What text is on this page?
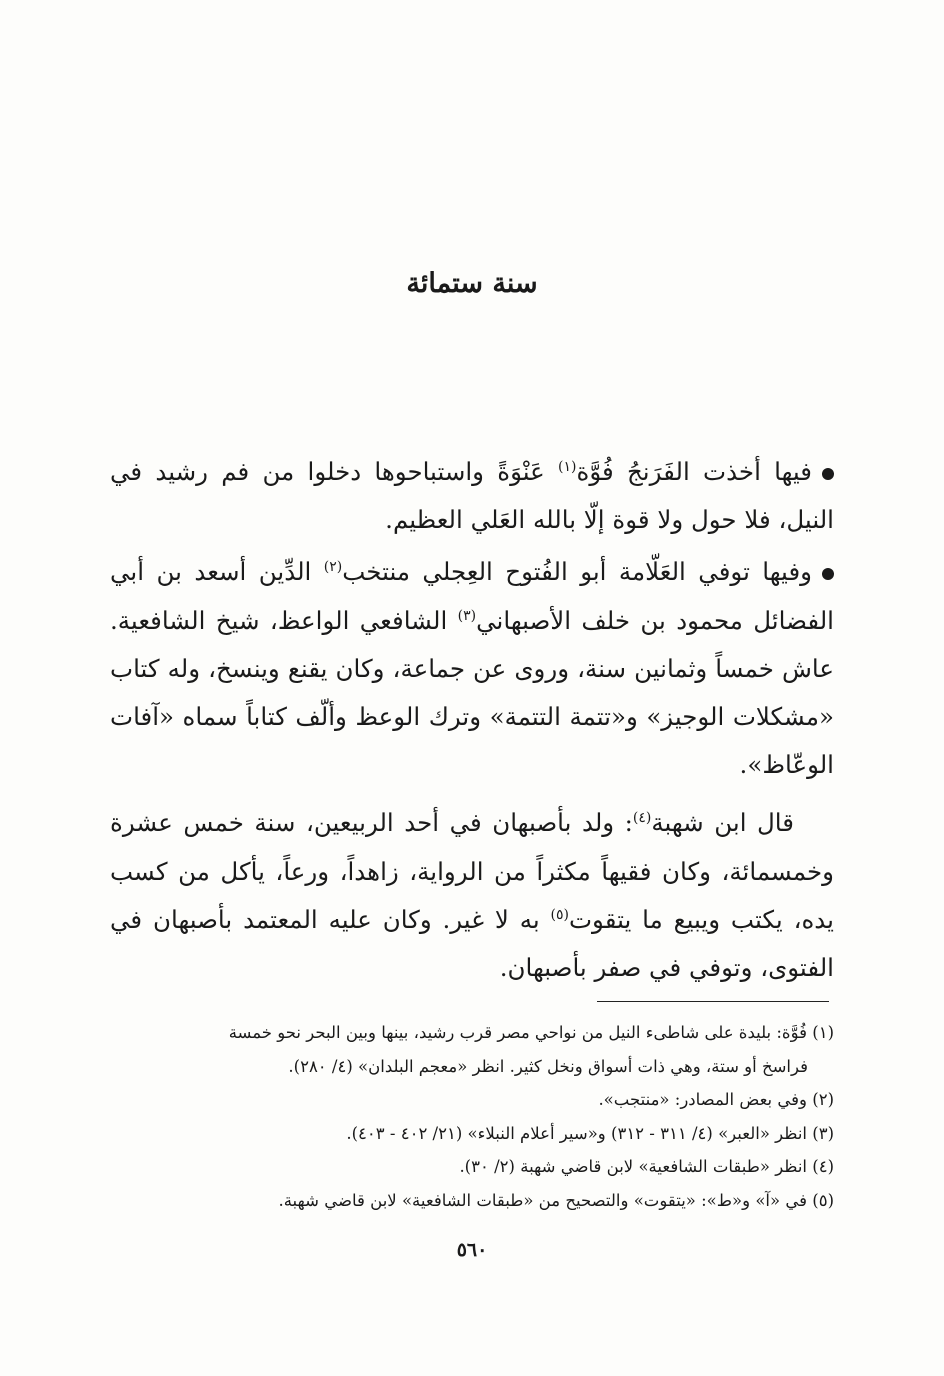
سنة ستمائة

فيها أخذت الفَرَنجُ فُوَّة$^{(١)}$ عَنْوَةً واستباحوها دخلوا من فم رشيد في النيل، فلا حول ولا قوة إلّا بالله العَلي العظيم.

وفيها توفي العَلّامة أبو الفُتوح العِجلي منتخب$^{(٢)}$ الدِّين أسعد بن أبي الفضائل محمود بن خلف الأصبهاني$^{(٣)}$ الشافعي الواعظ، شيخ الشافعية. عاش خمساً وثمانين سنة، وروى عن جماعة، وكان يقنع وينسخ، وله كتاب «مشكلات الوجيز» و«تتمة التتمة» وترك الوعظ وألّف كتاباً سماه «آفات الوعّاظ».

قال ابن شهبة$^{(٤)}$: ولد بأصبهان في أحد الربيعين، سنة خمس عشرة وخمسمائة، وكان فقيهاً مكثراً من الرواية، زاهداً، ورعاً، يأكل من كسب يده، يكتب ويبيع ما يتقوت$^{(٥)}$ به لا غير. وكان عليه المعتمد بأصبهان في الفتوى، وتوفي في صفر بأصبهان.

(١) فُوَّة: بليدة على شاطىء النيل من نواحي مصر قرب رشيد، بينها وبين البحر نحو خمسة
فراسخ أو ستة، وهي ذات أسواق ونخل كثير. انظر «معجم البلدان» (٤/ ٢٨٠).

(٢) وفي بعض المصادر: «منتجب».

(٣) انظر «العبر» (٤/ ٣١١ - ٣١٢) و«سير أعلام النبلاء» (٢١/ ٤٠٢ - ٤٠٣).

(٤) انظر «طبقات الشافعية» لابن قاضي شهبة (٢/ ٣٠).

(٥) في «آ» و«ط»: «يتقوت» والتصحيح من «طبقات الشافعية» لابن قاضي شهبة.

٥٦٠
